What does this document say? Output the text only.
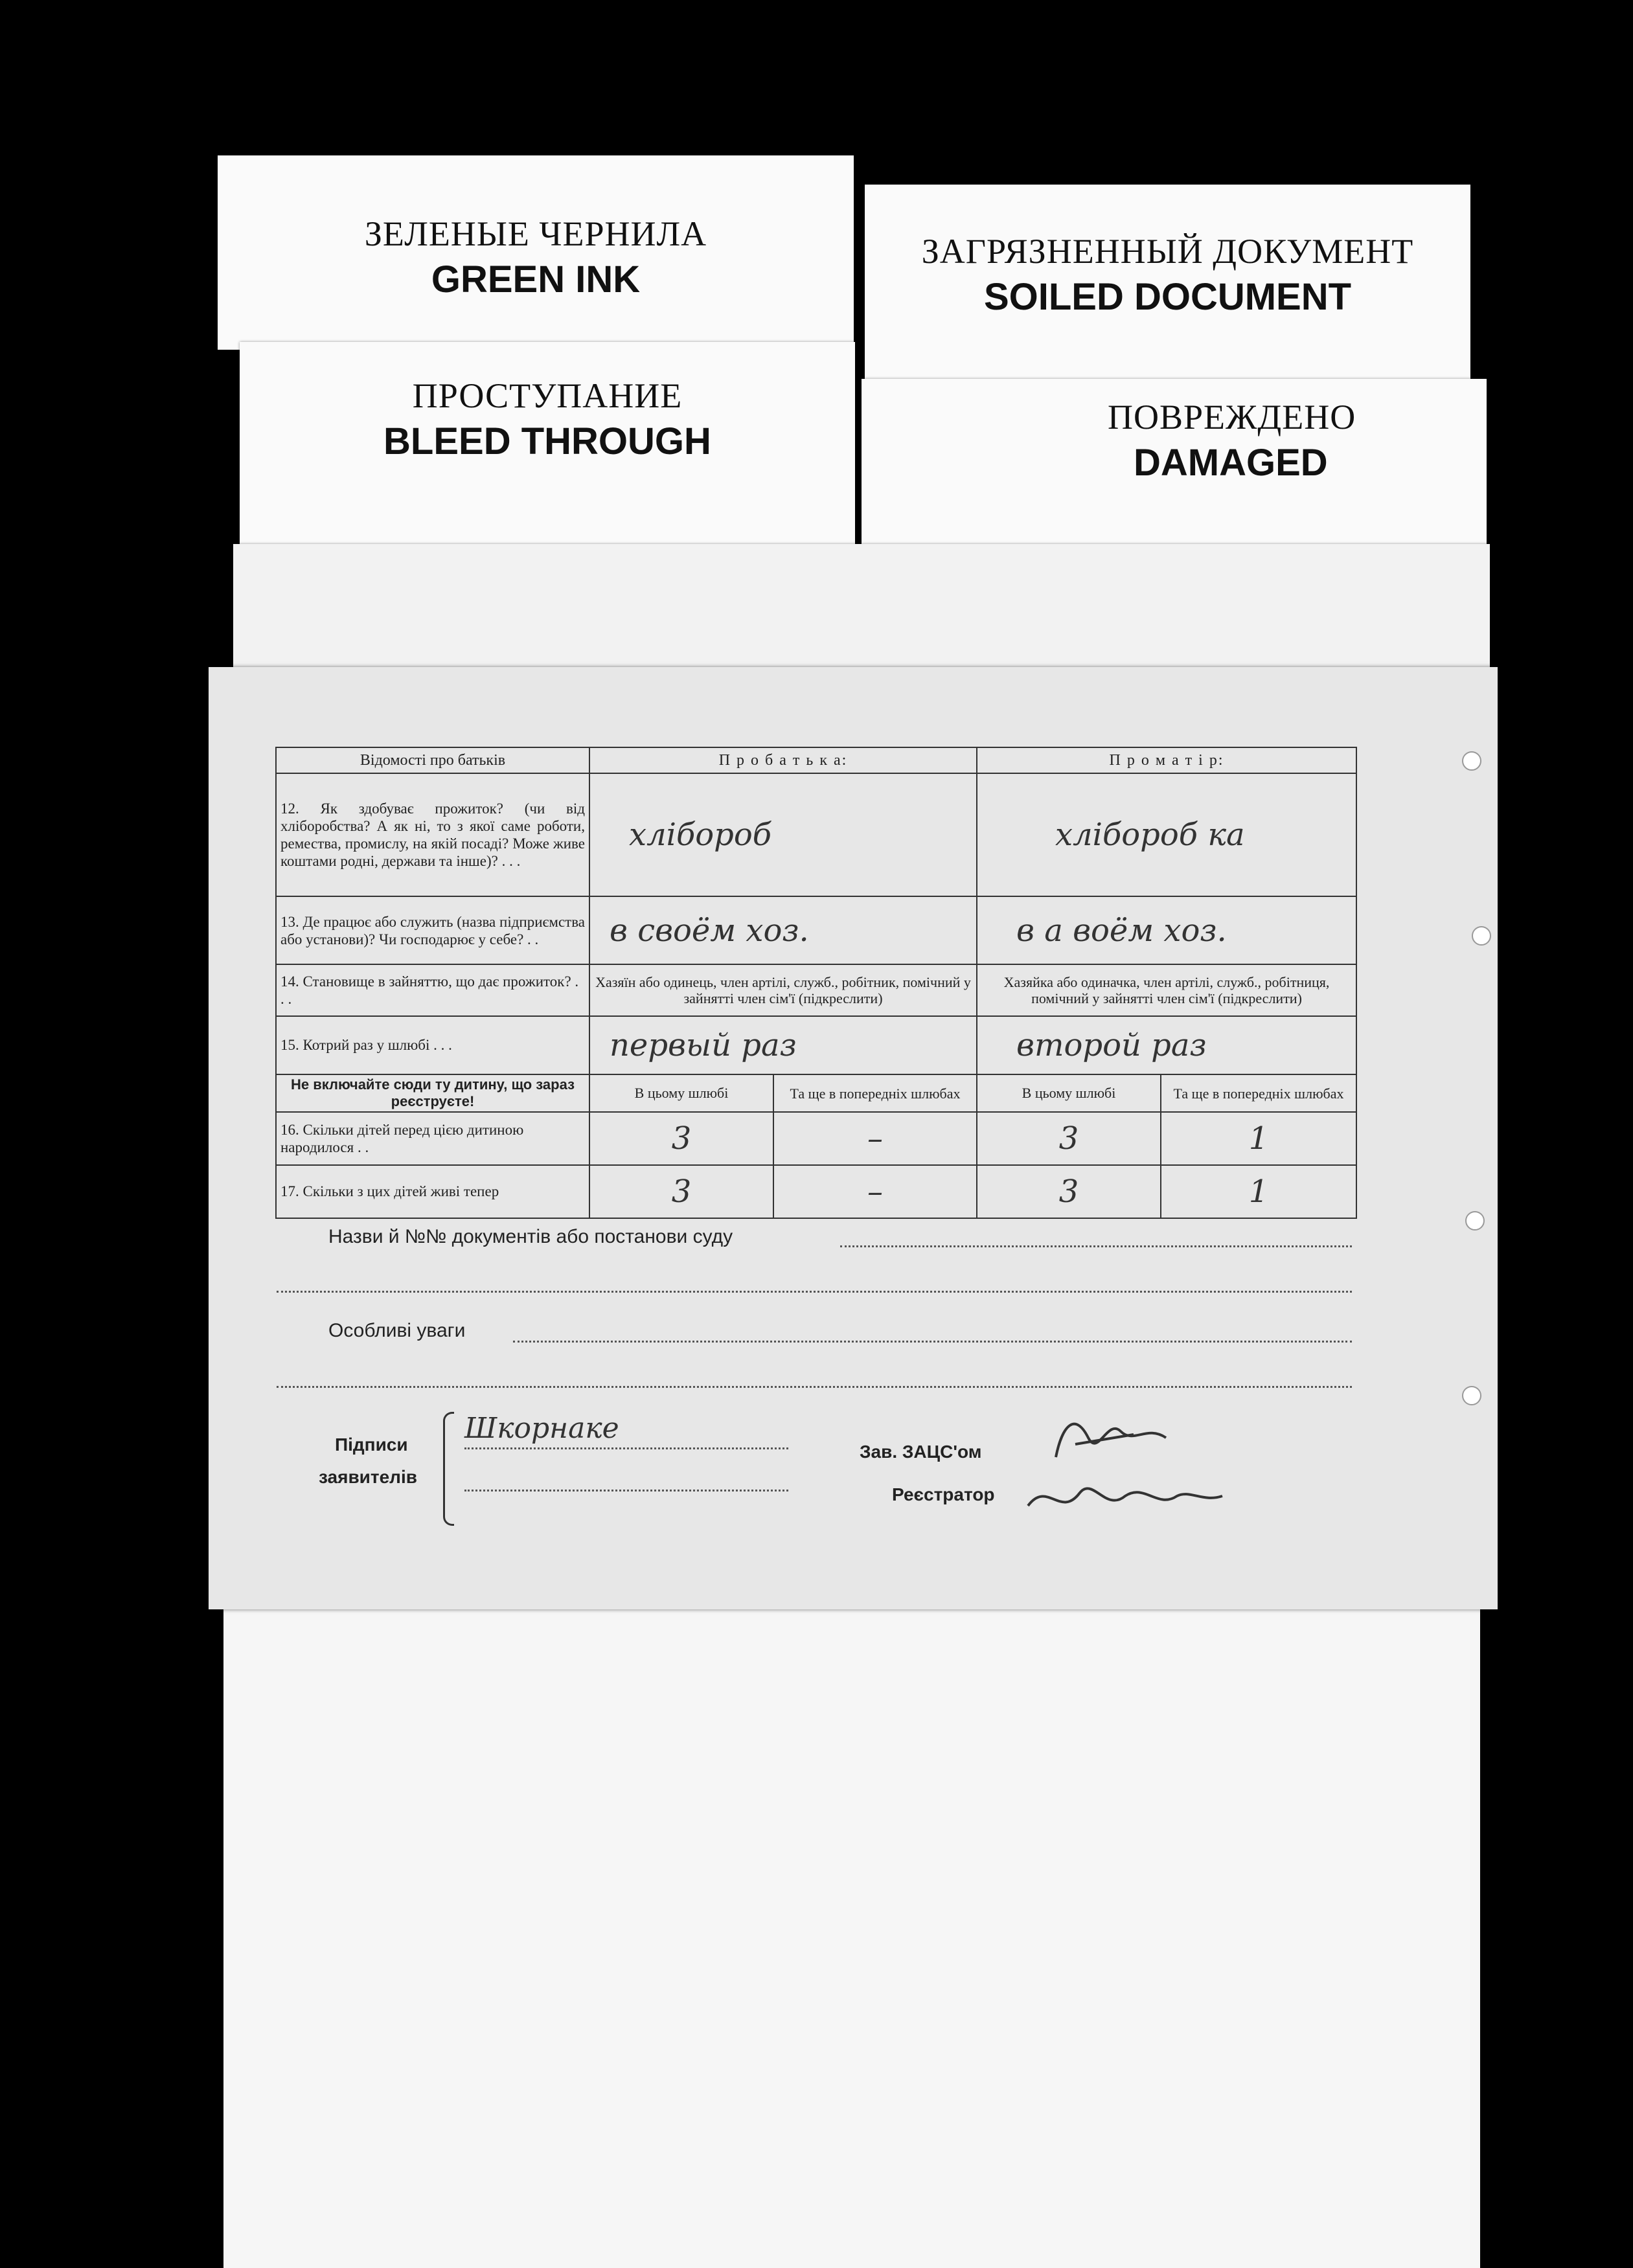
ЗЕЛЕНЫЕ ЧЕРНИЛА
GREEN INK
ЗАГРЯЗНЕННЫЙ ДОКУМЕНТ
SOILED DOCUMENT
ПРОСТУПАНИЕ
BLEED THROUGH
ПОВРЕЖДЕНО
DAMAGED
Відомості про батьків	П р о б а т ь к а:		П р о м а т і р:	
12. Як здобуває прожиток? (чи від хліборобства? А як ні, то з якої саме роботи, ремества, промислу, на якій посаді? Може живе коштами родні, держави та інше)? . . .	хлібороб		хлібороб ка	
13. Де працює або служить (назва підприємства або установи)? Чи господарює у себе? . .	в своём хоз.		в а воём хоз.	
14. Становище в зайняттю, що дає прожиток? . . .	Хазяїн або одинець, член артілі, служб., робітник, помічний у зайнятті член сім'ї (підкреслити)		Хазяйка або одиначка, член артілі, служб., робітниця, помічний у зайнятті член сім'ї (підкреслити)	
15. Котрий раз у шлюбі . . .	первый раз		второй раз	
Не включайте сюди ту дитину, що зараз реєструєте!	В цьому шлюбі	Та ще в попередніх шлюбах	В цьому шлюбі	Та ще в попередніх шлюбах
16. Скільки дітей перед цією дитиною народилося . .	3	–	3	1
17. Скільки з цих дітей живі тепер	3	–	3	1
Назви й №№ документів або постанови суду
Особливі уваги
Підписи
заявителів
Шкорнаке
Зав. ЗАЦС'ом
Реєстратор
